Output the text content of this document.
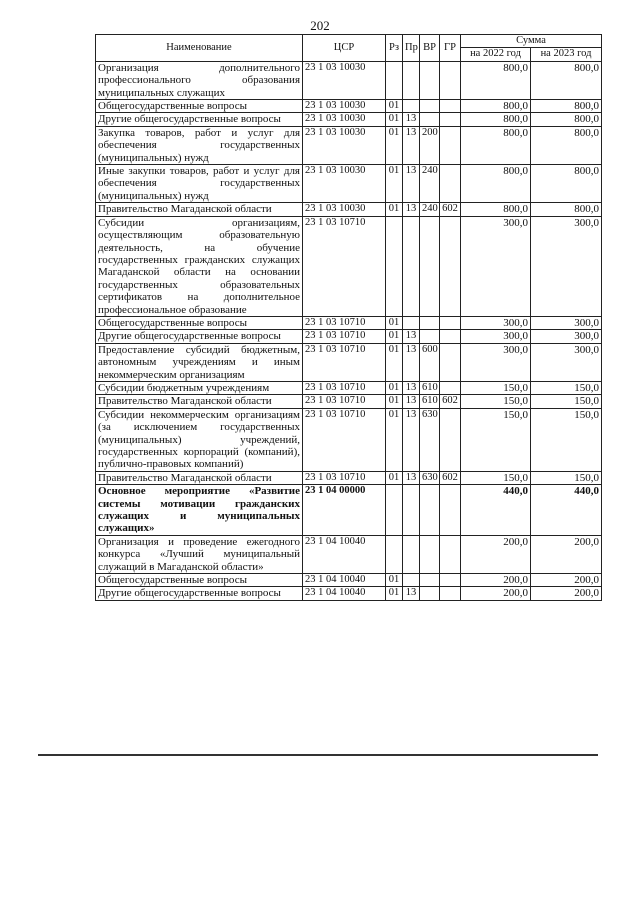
202
Наименование	ЦСР	Рз	Пр	ВР	ГР	Сумма	
						на 2022 год	на 2023 год
Организация дополнительного профессионального образования муниципальных служащих	23 1 03 10030					800,0	800,0
Общегосударственные вопросы	23 1 03 10030	01				800,0	800,0
Другие общегосударственные вопросы	23 1 03 10030	01	13			800,0	800,0
Закупка товаров, работ и услуг для обеспечения государственных (муниципальных) нужд	23 1 03 10030	01	13	200		800,0	800,0
Иные закупки товаров, работ и услуг для обеспечения государственных (муниципальных) нужд	23 1 03 10030	01	13	240		800,0	800,0
Правительство Магаданской области	23 1 03 10030	01	13	240	602	800,0	800,0
Субсидии организациям, осуществляющим образовательную деятельность, на обучение государственных гражданских служащих Магаданской области на основании государственных образовательных сертификатов на дополнительное профессиональное образование	23 1 03 10710					300,0	300,0
Общегосударственные вопросы	23 1 03 10710	01				300,0	300,0
Другие общегосударственные вопросы	23 1 03 10710	01	13			300,0	300,0
Предоставление субсидий бюджетным, автономным учреждениям и иным некоммерческим организациям	23 1 03 10710	01	13	600		300,0	300,0
Субсидии бюджетным учреждениям	23 1 03 10710	01	13	610		150,0	150,0
Правительство Магаданской области	23 1 03 10710	01	13	610	602	150,0	150,0
Субсидии некоммерческим организациям (за исключением государственных (муниципальных) учреждений, государственных корпораций (компаний), публично-правовых компаний)	23 1 03 10710	01	13	630		150,0	150,0
Правительство Магаданской области	23 1 03 10710	01	13	630	602	150,0	150,0
Основное мероприятие «Развитие системы мотивации гражданских служащих и муниципальных служащих»	23 1 04 00000					440,0	440,0
Организация и проведение ежегодного конкурса «Лучший муниципальный служащий в Магаданской области»	23 1 04 10040					200,0	200,0
Общегосударственные вопросы	23 1 04 10040	01				200,0	200,0
Другие общегосударственные вопросы	23 1 04 10040	01	13			200,0	200,0
